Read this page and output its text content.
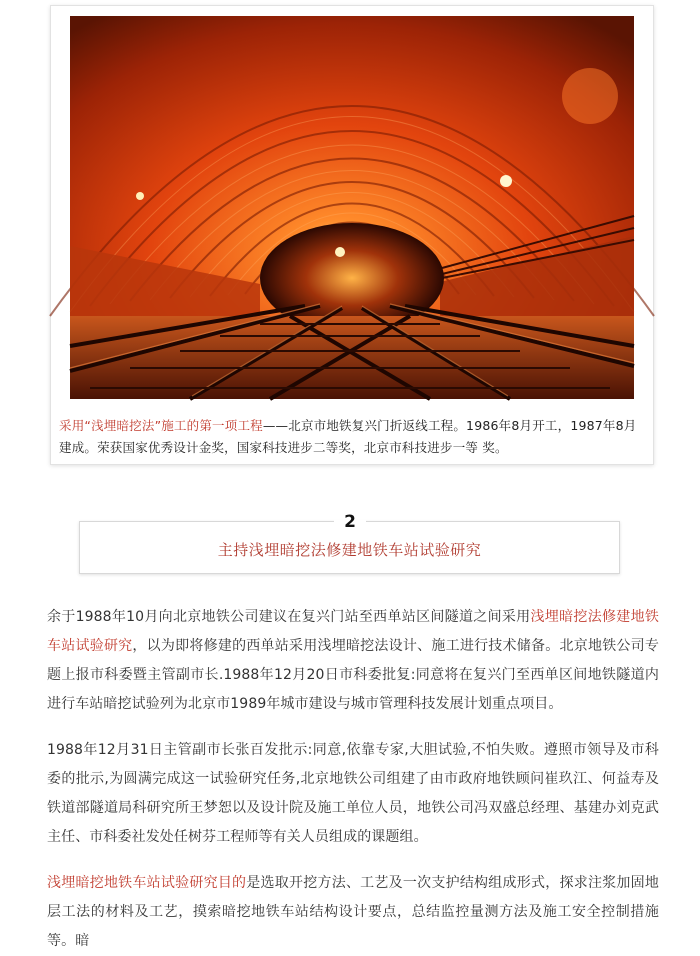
采用“浅埋暗挖法”施工的第一项工程——北京市地铁复兴门折返线工程。1986年8月开工，1987年8月
建成。荣获国家优秀设计金奖，国家科技进步二等奖，北京市科技进步一等 奖。
主持浅埋暗挖法修建地铁车站试验研究
2

余于1988年10月向北京地铁公司建议在复兴门站至西单站区间隧道之间采用浅埋暗挖法修建地铁车站试验研究，以为即将修建的西单站采用浅埋暗挖法设计、施工进行技术储备。北京地铁公司专题上报市科委暨主管副市长.1988年12月20日市科委批复:同意将在复兴门至西单区间地铁隧道内进行车站暗挖试验列为北京市1989年城市建设与城市管理科技发展计划重点项目。

1988年12月31日主管副市长张百发批示:同意,依靠专家,大胆试验,不怕失败。遵照市领导及市科委的批示,为圆满完成这一试验研究任务,北京地铁公司组建了由市政府地铁顾问崔玖江、何益寿及铁道部隧道局科研究所王梦恕以及设计院及施工单位人员，地铁公司冯双盛总经理、基建办刘克武主任、市科委社发处任树芬工程师等有关人员组成的课题组。

浅埋暗挖地铁车站试验研究目的是选取开挖方法、工艺及一次支护结构组成形式，探求注浆加固地层工法的材料及工艺，摸索暗挖地铁车站结构设计要点，总结监控量测方法及施工安全控制措施等。暗
